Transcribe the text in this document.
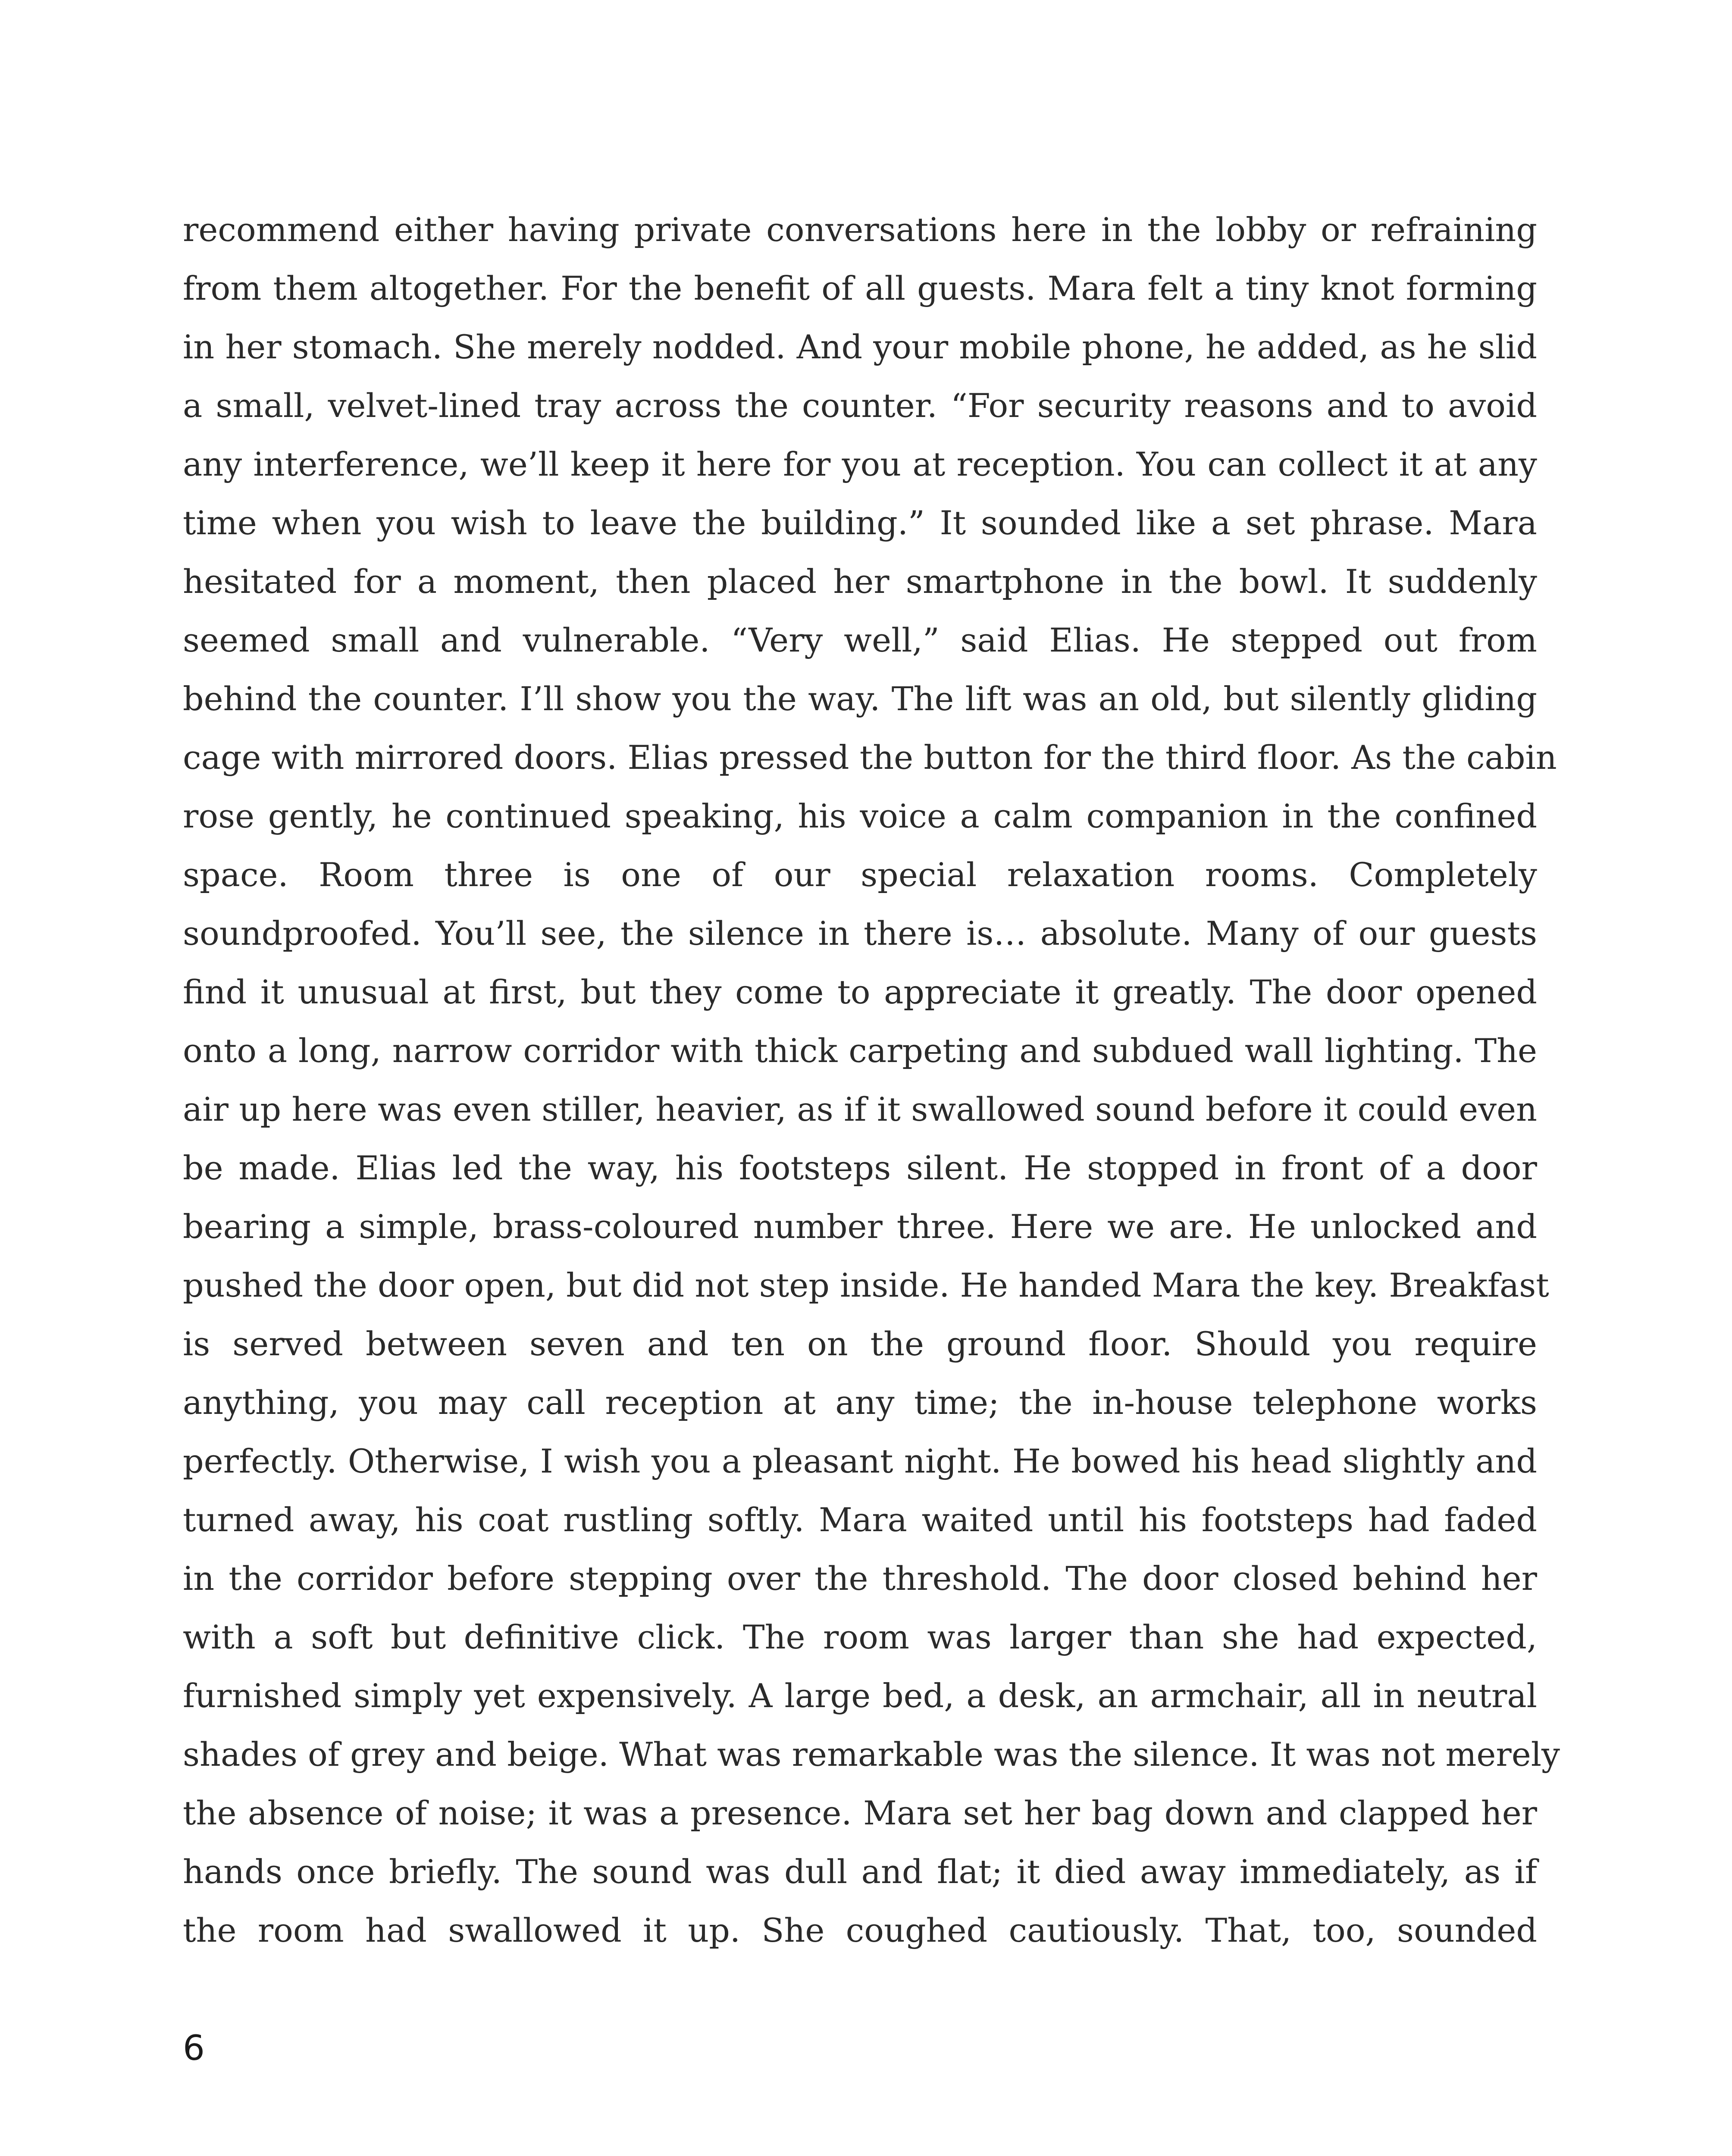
recommend either having private conversations here in the lobby or refraining
from them altogether. For the benefit of all guests. Mara felt a tiny knot forming
in her stomach. She merely nodded. And your mobile phone, he added, as he slid
a small, velvet-lined tray across the counter. “For security reasons and to avoid
any interference, we’ll keep it here for you at reception. You can collect it at any
time when you wish to leave the building.” It sounded like a set phrase. Mara
hesitated for a moment, then placed her smartphone in the bowl. It suddenly
seemed small and vulnerable. “Very well,” said Elias. He stepped out from
behind the counter. I’ll show you the way. The lift was an old, but silently gliding
cage with mirrored doors. Elias pressed the button for the third floor. As the cabin
rose gently, he continued speaking, his voice a calm companion in the confined
space. Room three is one of our special relaxation rooms. Completely
soundproofed. You’ll see, the silence in there is… absolute. Many of our guests
find it unusual at first, but they come to appreciate it greatly. The door opened
onto a long, narrow corridor with thick carpeting and subdued wall lighting. The
air up here was even stiller, heavier, as if it swallowed sound before it could even
be made. Elias led the way, his footsteps silent. He stopped in front of a door
bearing a simple, brass-coloured number three. Here we are. He unlocked and
pushed the door open, but did not step inside. He handed Mara the key. Breakfast
is served between seven and ten on the ground floor. Should you require
anything, you may call reception at any time; the in-house telephone works
perfectly. Otherwise, I wish you a pleasant night. He bowed his head slightly and
turned away, his coat rustling softly. Mara waited until his footsteps had faded
in the corridor before stepping over the threshold. The door closed behind her
with a soft but definitive click. The room was larger than she had expected,
furnished simply yet expensively. A large bed, a desk, an armchair, all in neutral
shades of grey and beige. What was remarkable was the silence. It was not merely
the absence of noise; it was a presence. Mara set her bag down and clapped her
hands once briefly. The sound was dull and flat; it died away immediately, as if
the room had swallowed it up. She coughed cautiously. That, too, sounded
6
